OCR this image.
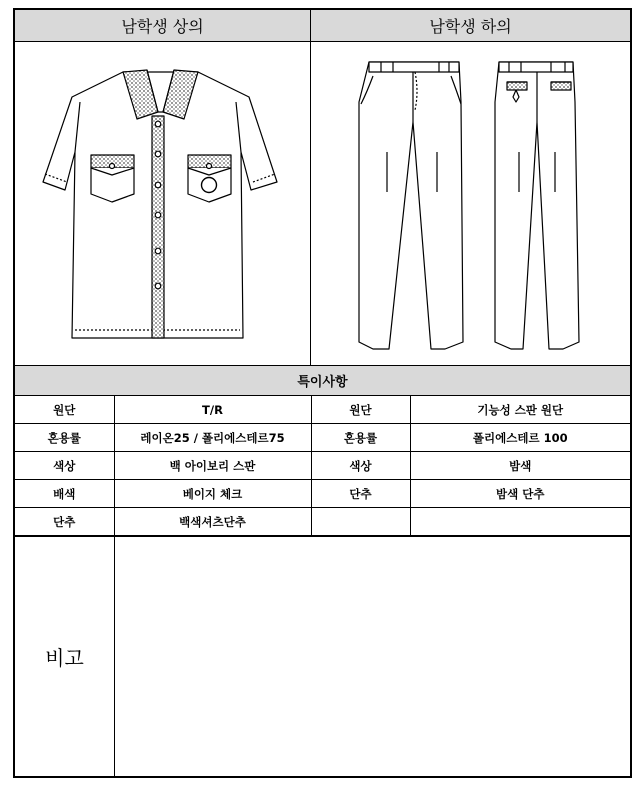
남학생 상의	남학생 하의
특이사항
원단	T/R	원단	기능성 스판 원단
혼용률	레이온25 / 폴리에스테르75	혼용률	폴리에스테르 100
색상	백 아이보리 스판	색상	밤색
배색	베이지 체크	단추	밤색 단추
단추	백색셔츠단추		
비고
